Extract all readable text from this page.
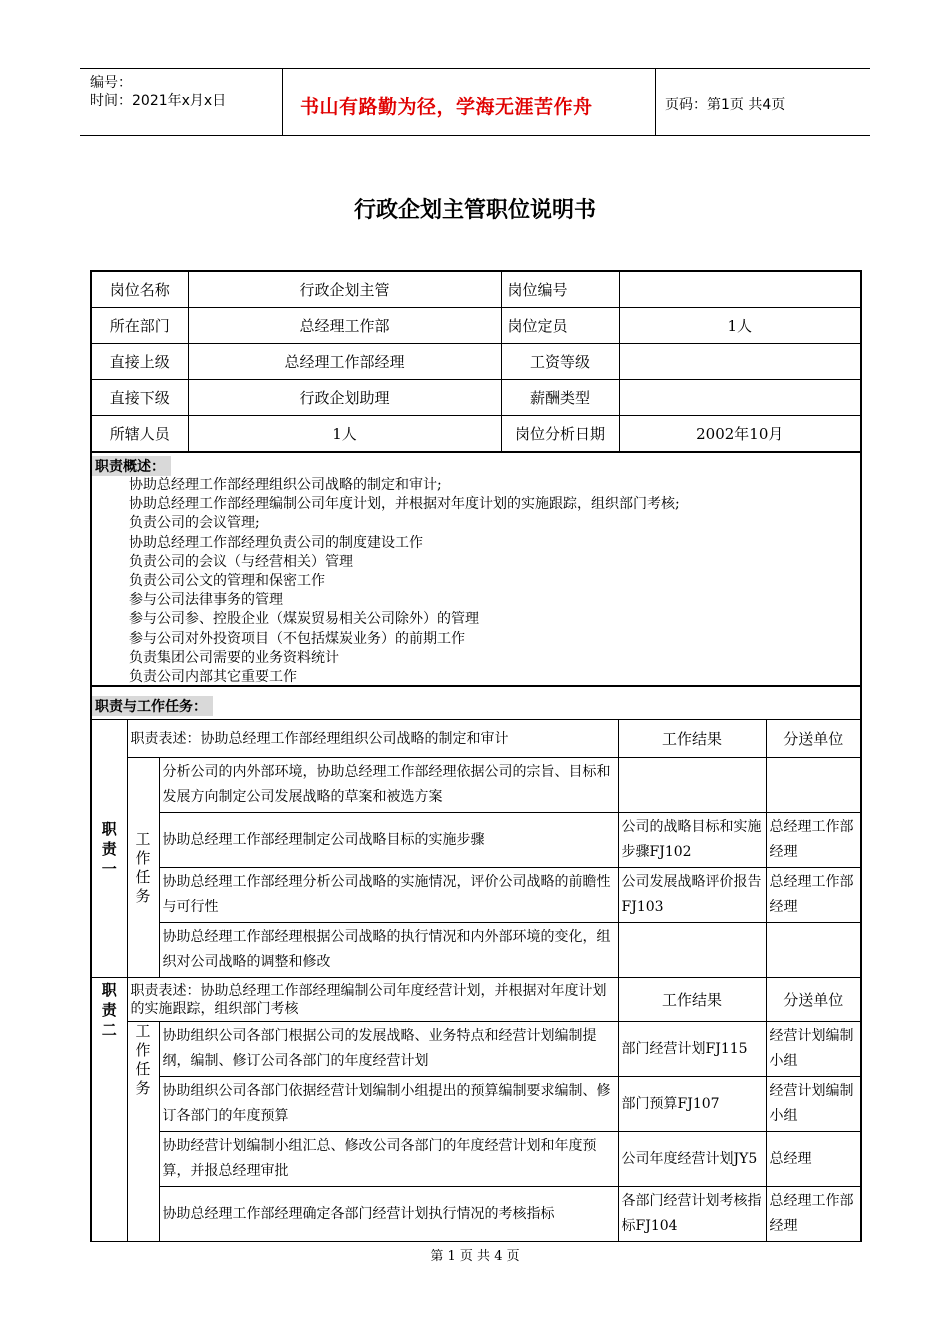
编号：
时间：2021年x月x日	书山有路勤为径，学海无涯苦作舟	页码：第1页 共4页
行政企划主管职位说明书
岗位名称	行政企划主管	岗位编号	
所在部门	总经理工作部	岗位定员	1人
直接上级	总经理工作部经理	工资等级	
直接下级	行政企划助理	薪酬类型	
所辖人员	1人	岗位分析日期	2002年10月
职责概述：
协助总经理工作部经理组织公司战略的制定和审计;
协助总经理工作部经理编制公司年度计划，并根据对年度计划的实施跟踪，组织部门考核;
负责公司的会议管理;
协助总经理工作部经理负责公司的制度建设工作
负责公司的会议（与经营相关）管理
负责公司公文的管理和保密工作
参与公司法律事务的管理
参与公司参、控股企业（煤炭贸易相关公司除外）的管理
参与公司对外投资项目（不包括煤炭业务）的前期工作
负责集团公司需要的业务资料统计
负责公司内部其它重要工作
职责与工作任务：
职责一	职责表述：协助总经理工作部经理组织公司战略的制定和审计		工作结果	分送单位

	工作任务	分析公司的内外部环境，协助总经理工作部经理依据公司的宗旨、目标和发展方向制定公司发展战略的草案和被选方案		
		协助总经理工作部经理制定公司战略目标的实施步骤	公司的战略目标和实施步骤FJ102	总经理工作部经理
		协助总经理工作部经理分析公司战略的实施情况，评价公司战略的前瞻性与可行性	公司发展战略评价报告FJ103	总经理工作部经理
		协助总经理工作部经理根据公司战略的执行情况和内外部环境的变化，组织对公司战略的调整和修改		

职责二	职责表述：协助总经理工作部经理编制公司年度经营计划，并根据对年度计划的实施跟踪，组织部门考核		工作结果	分送单位

	工作任务	协助组织公司各部门根据公司的发展战略、业务特点和经营计划编制提纲，编制、修订公司各部门的年度经营计划	部门经营计划FJ115	经营计划编制小组
		协助组织公司各部门依据经营计划编制小组提出的预算编制要求编制、修订各部门的年度预算	部门预算FJ107	经营计划编制小组
		协助经营计划编制小组汇总、修改公司各部门的年度经营计划和年度预算，并报总经理审批	公司年度经营计划JY5	总经理
		协助总经理工作部经理确定各部门经营计划执行情况的考核指标	各部门经营计划考核指标FJ104	总经理工作部经理
第 1 页 共 4 页
